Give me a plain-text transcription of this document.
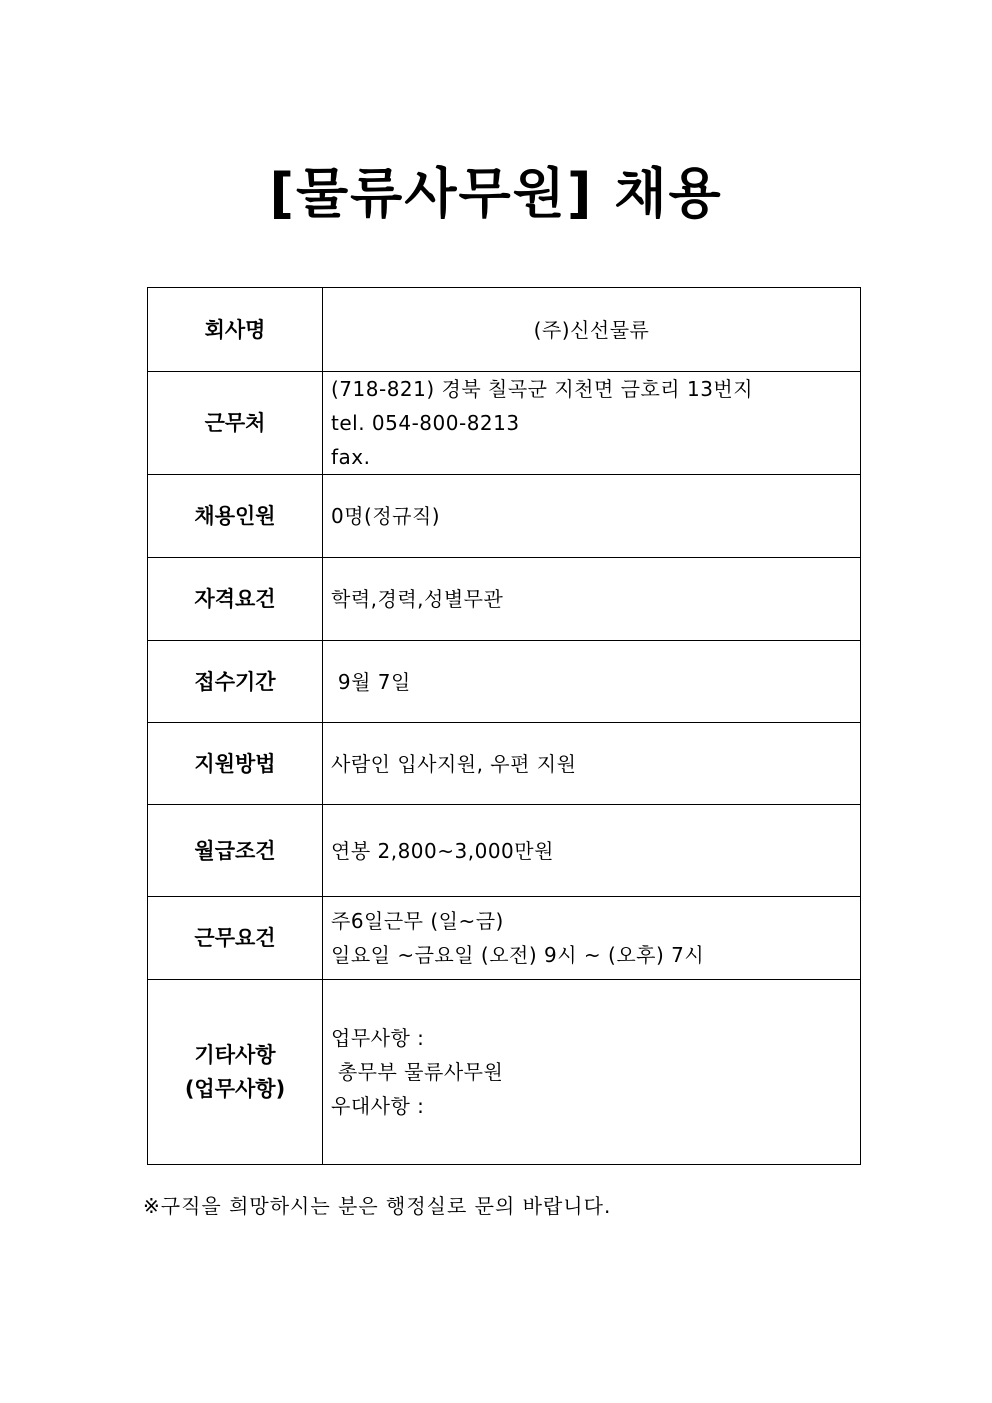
[물류사무원] 채용
회사명	(주)신선물류

근무처	(718-821) 경북 칠곡군 지천면 금호리 13번지
tel. 054-800-8213
fax.

채용인원	0명(정규직)

자격요건	학력,경력,성별무관

접수기간	9월 7일

지원방법	사람인 입사지원, 우편 지원

월급조건	연봉 2,800~3,000만원

근무요건	주6일근무 (일~금)
일요일 ~금요일 (오전) 9시 ~ (오후) 7시

기타사항
(업무사항)	업무사항 :
총무부 물류사무원
우대사항 :
※구직을 희망하시는 분은 행정실로 문의 바랍니다.
